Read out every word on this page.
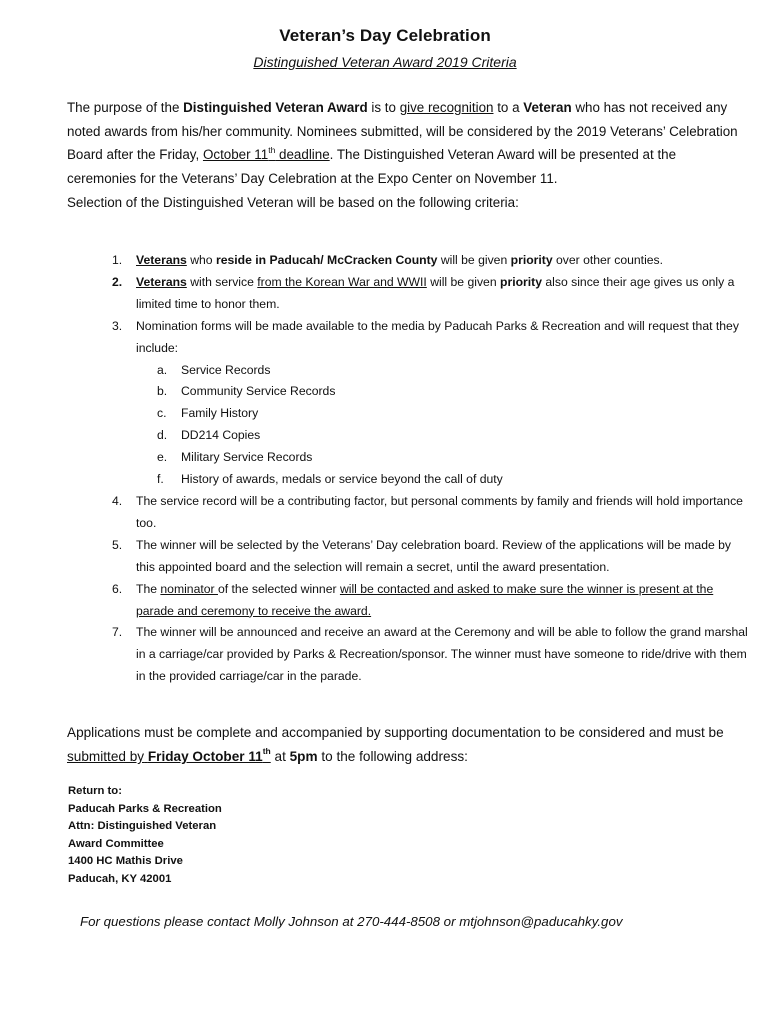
Veteran’s Day Celebration
Distinguished Veteran Award 2019 Criteria
The purpose of the Distinguished Veteran Award is to give recognition to a Veteran who has not received any noted awards from his/her community. Nominees submitted, will be considered by the 2019 Veterans’ Celebration Board after the Friday, October 11th deadline. The Distinguished Veteran Award will be presented at the ceremonies for the Veterans’ Day Celebration at the Expo Center on November 11.
Selection of the Distinguished Veteran will be based on the following criteria:
1. Veterans who reside in Paducah/ McCracken County will be given priority over other counties.
2. Veterans with service from the Korean War and WWII will be given priority also since their age gives us only a limited time to honor them.
3. Nomination forms will be made available to the media by Paducah Parks & Recreation and will request that they include:
a. Service Records
b. Community Service Records
c. Family History
d. DD214 Copies
e. Military Service Records
f. History of awards, medals or service beyond the call of duty
4. The service record will be a contributing factor, but personal comments by family and friends will hold importance too.
5. The winner will be selected by the Veterans’ Day celebration board. Review of the applications will be made by this appointed board and the selection will remain a secret, until the award presentation.
6. The nominator of the selected winner will be contacted and asked to make sure the winner is present at the parade and ceremony to receive the award.
7. The winner will be announced and receive an award at the Ceremony and will be able to follow the grand marshal in a carriage/car provided by Parks & Recreation/sponsor. The winner must have someone to ride/drive with them in the provided carriage/car in the parade.
Applications must be complete and accompanied by supporting documentation to be considered and must be submitted by Friday October 11th at 5pm to the following address:
Return to:
Paducah Parks & Recreation
Attn: Distinguished Veteran
Award Committee
1400 HC Mathis Drive
Paducah, KY 42001
For questions please contact Molly Johnson at 270-444-8508 or mtjohnson@paducahky.gov
